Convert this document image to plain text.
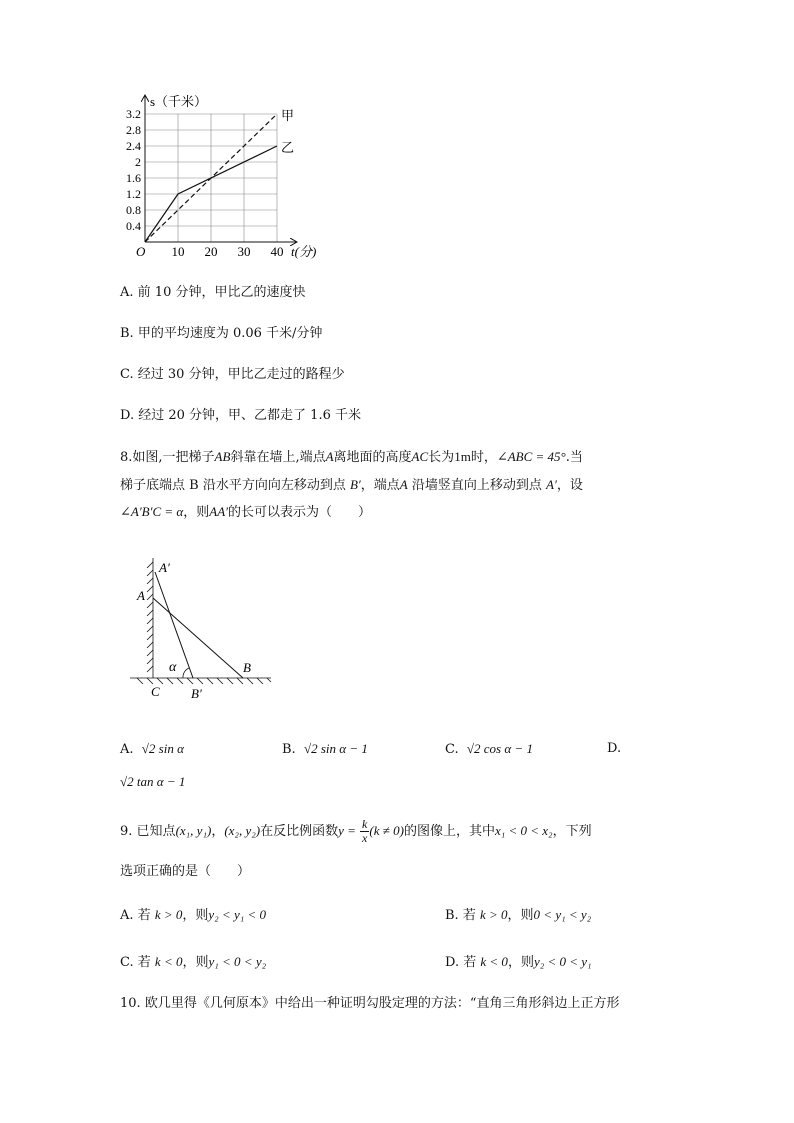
0.4
0.8
1.2
1.6
2
2.4
2.8
3.2
10 20 30 40
甲
乙
s（千米）
t(分)
O
A. 前 10 分钟，甲比乙的速度快
B. 甲的平均速度为 0.06 千米/分钟
C. 经过 30 分钟，甲比乙走过的路程少
D. 经过 20 分钟，甲、乙都走了 1.6 千米
8.如图,一把梯子AB斜靠在墙上,端点A离地面的高度AC长为1m时，∠ABC = 45°.当
梯子底端点 B 沿水平方向向左移动到点 B′，端点A 沿墙竖直向上移动到点 A′，设
∠A′B′C = α，则AA′的长可以表示为（　　）
A′
A
α	B
C B′
A. √2 sin α	B. √2 sin α − 1	C. √2 cos α − 1	D.
√2 tan α − 1
9. 已知点(x₁, y₁)，(x₂, y₂)在反比例函数$y = \frac{k}{x} (k \ne 0)$的图像上，其中x₁ < 0 < x₂，下列
选项正确的是（　　）
A. 若 k > 0，则y₂ < y₁ < 0	B. 若 k > 0，则0 < y₁ < y₂
C. 若 k < 0，则y₁ < 0 < y₂	D. 若 k < 0，则y₂ < 0 < y₁
10. 欧几里得《几何原本》中给出一种证明勾股定理的方法：“直角三角形斜边上正方形
